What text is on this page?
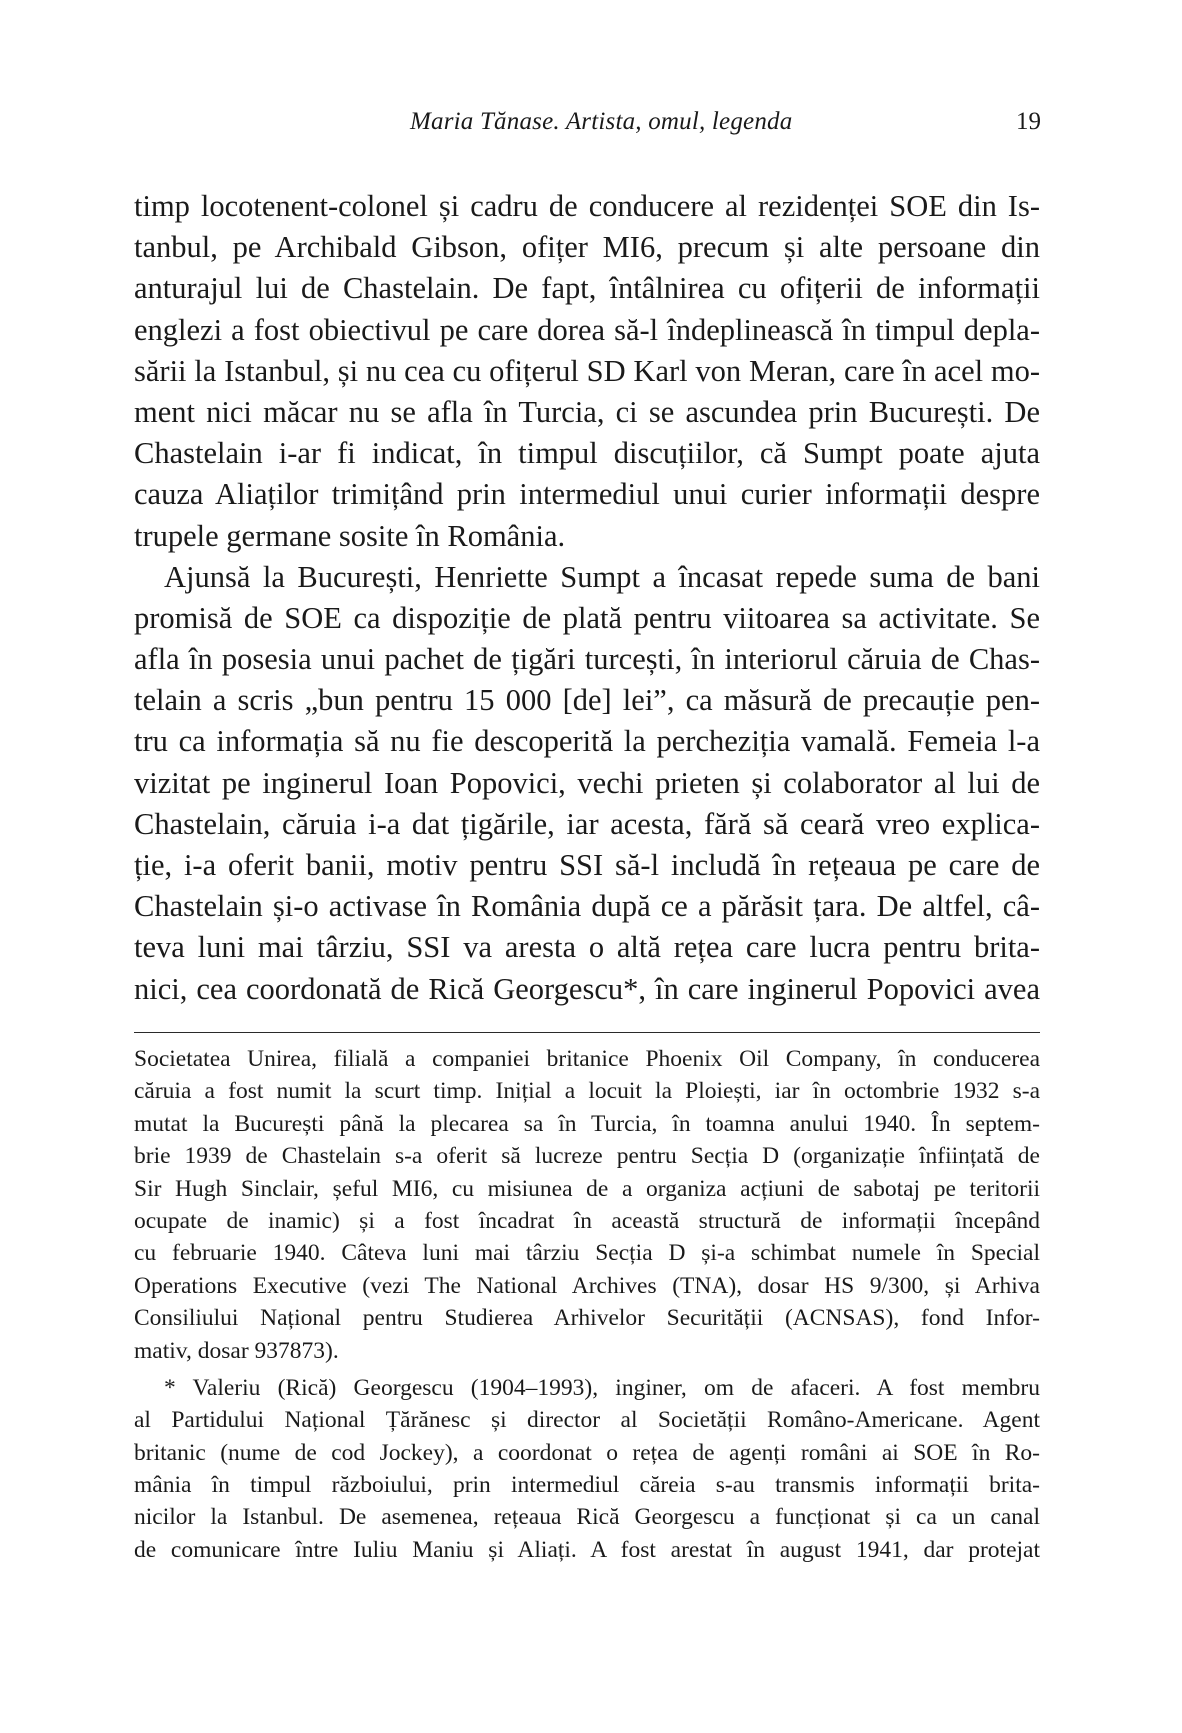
Maria Tănase. Artista, omul, legenda	19
timp locotenent-colonel și cadru de conducere al rezidenței SOE din Is-
tanbul, pe Archibald Gibson, ofițer MI6, precum și alte persoane din
anturajul lui de Chastelain. De fapt, întâlnirea cu ofițerii de informații
englezi a fost obiectivul pe care dorea să-l îndeplinească în timpul depla-
sării la Istanbul, și nu cea cu ofițerul SD Karl von Meran, care în acel mo-
ment nici măcar nu se afla în Turcia, ci se ascundea prin București. De
Chastelain i-ar fi indicat, în timpul discuțiilor, că Sumpt poate ajuta
cauza Aliaților trimițând prin intermediul unui curier informații despre
trupele germane sosite în România.
Ajunsă la București, Henriette Sumpt a încasat repede suma de bani
promisă de SOE ca dispoziție de plată pentru viitoarea sa activitate. Se
afla în posesia unui pachet de țigări turcești, în interiorul căruia de Chas-
telain a scris „bun pentru 15 000 [de] lei”, ca măsură de precauție pen-
tru ca informația să nu fie descoperită la percheziția vamală. Femeia l-a
vizitat pe inginerul Ioan Popovici, vechi prieten și colaborator al lui de
Chastelain, căruia i-a dat țigările, iar acesta, fără să ceară vreo explica-
ție, i-a oferit banii, motiv pentru SSI să-l includă în rețeaua pe care de
Chastelain și-o activase în România după ce a părăsit țara. De altfel, câ-
teva luni mai târziu, SSI va aresta o altă rețea care lucra pentru brita-
nici, cea coordonată de Rică Georgescu*, în care inginerul Popovici avea
Societatea Unirea, filială a companiei britanice Phoenix Oil Company, în conducerea
căruia a fost numit la scurt timp. Inițial a locuit la Ploiești, iar în octombrie 1932 s-a
mutat la București până la plecarea sa în Turcia, în toamna anului 1940. În septem-
brie 1939 de Chastelain s-a oferit să lucreze pentru Secția D (organizație înființată de
Sir Hugh Sinclair, șeful MI6, cu misiunea de a organiza acțiuni de sabotaj pe teritorii
ocupate de inamic) și a fost încadrat în această structură de informații începând
cu februarie 1940. Câteva luni mai târziu Secția D și-a schimbat numele în Special
Operations Executive (vezi The National Archives (TNA), dosar HS 9/300, și Arhiva
Consiliului Național pentru Studierea Arhivelor Securității (ACNSAS), fond Infor-
mativ, dosar 937873).
* Valeriu (Rică) Georgescu (1904–1993), inginer, om de afaceri. A fost membru
al Partidului Național Țărănesc și director al Societății Româno-Americane. Agent
britanic (nume de cod Jockey), a coordonat o rețea de agenți români ai SOE în Ro-
mânia în timpul războiului, prin intermediul căreia s-au transmis informații brita-
nicilor la Istanbul. De asemenea, rețeaua Rică Georgescu a funcționat și ca un canal
de comunicare între Iuliu Maniu și Aliați. A fost arestat în august 1941, dar protejat
